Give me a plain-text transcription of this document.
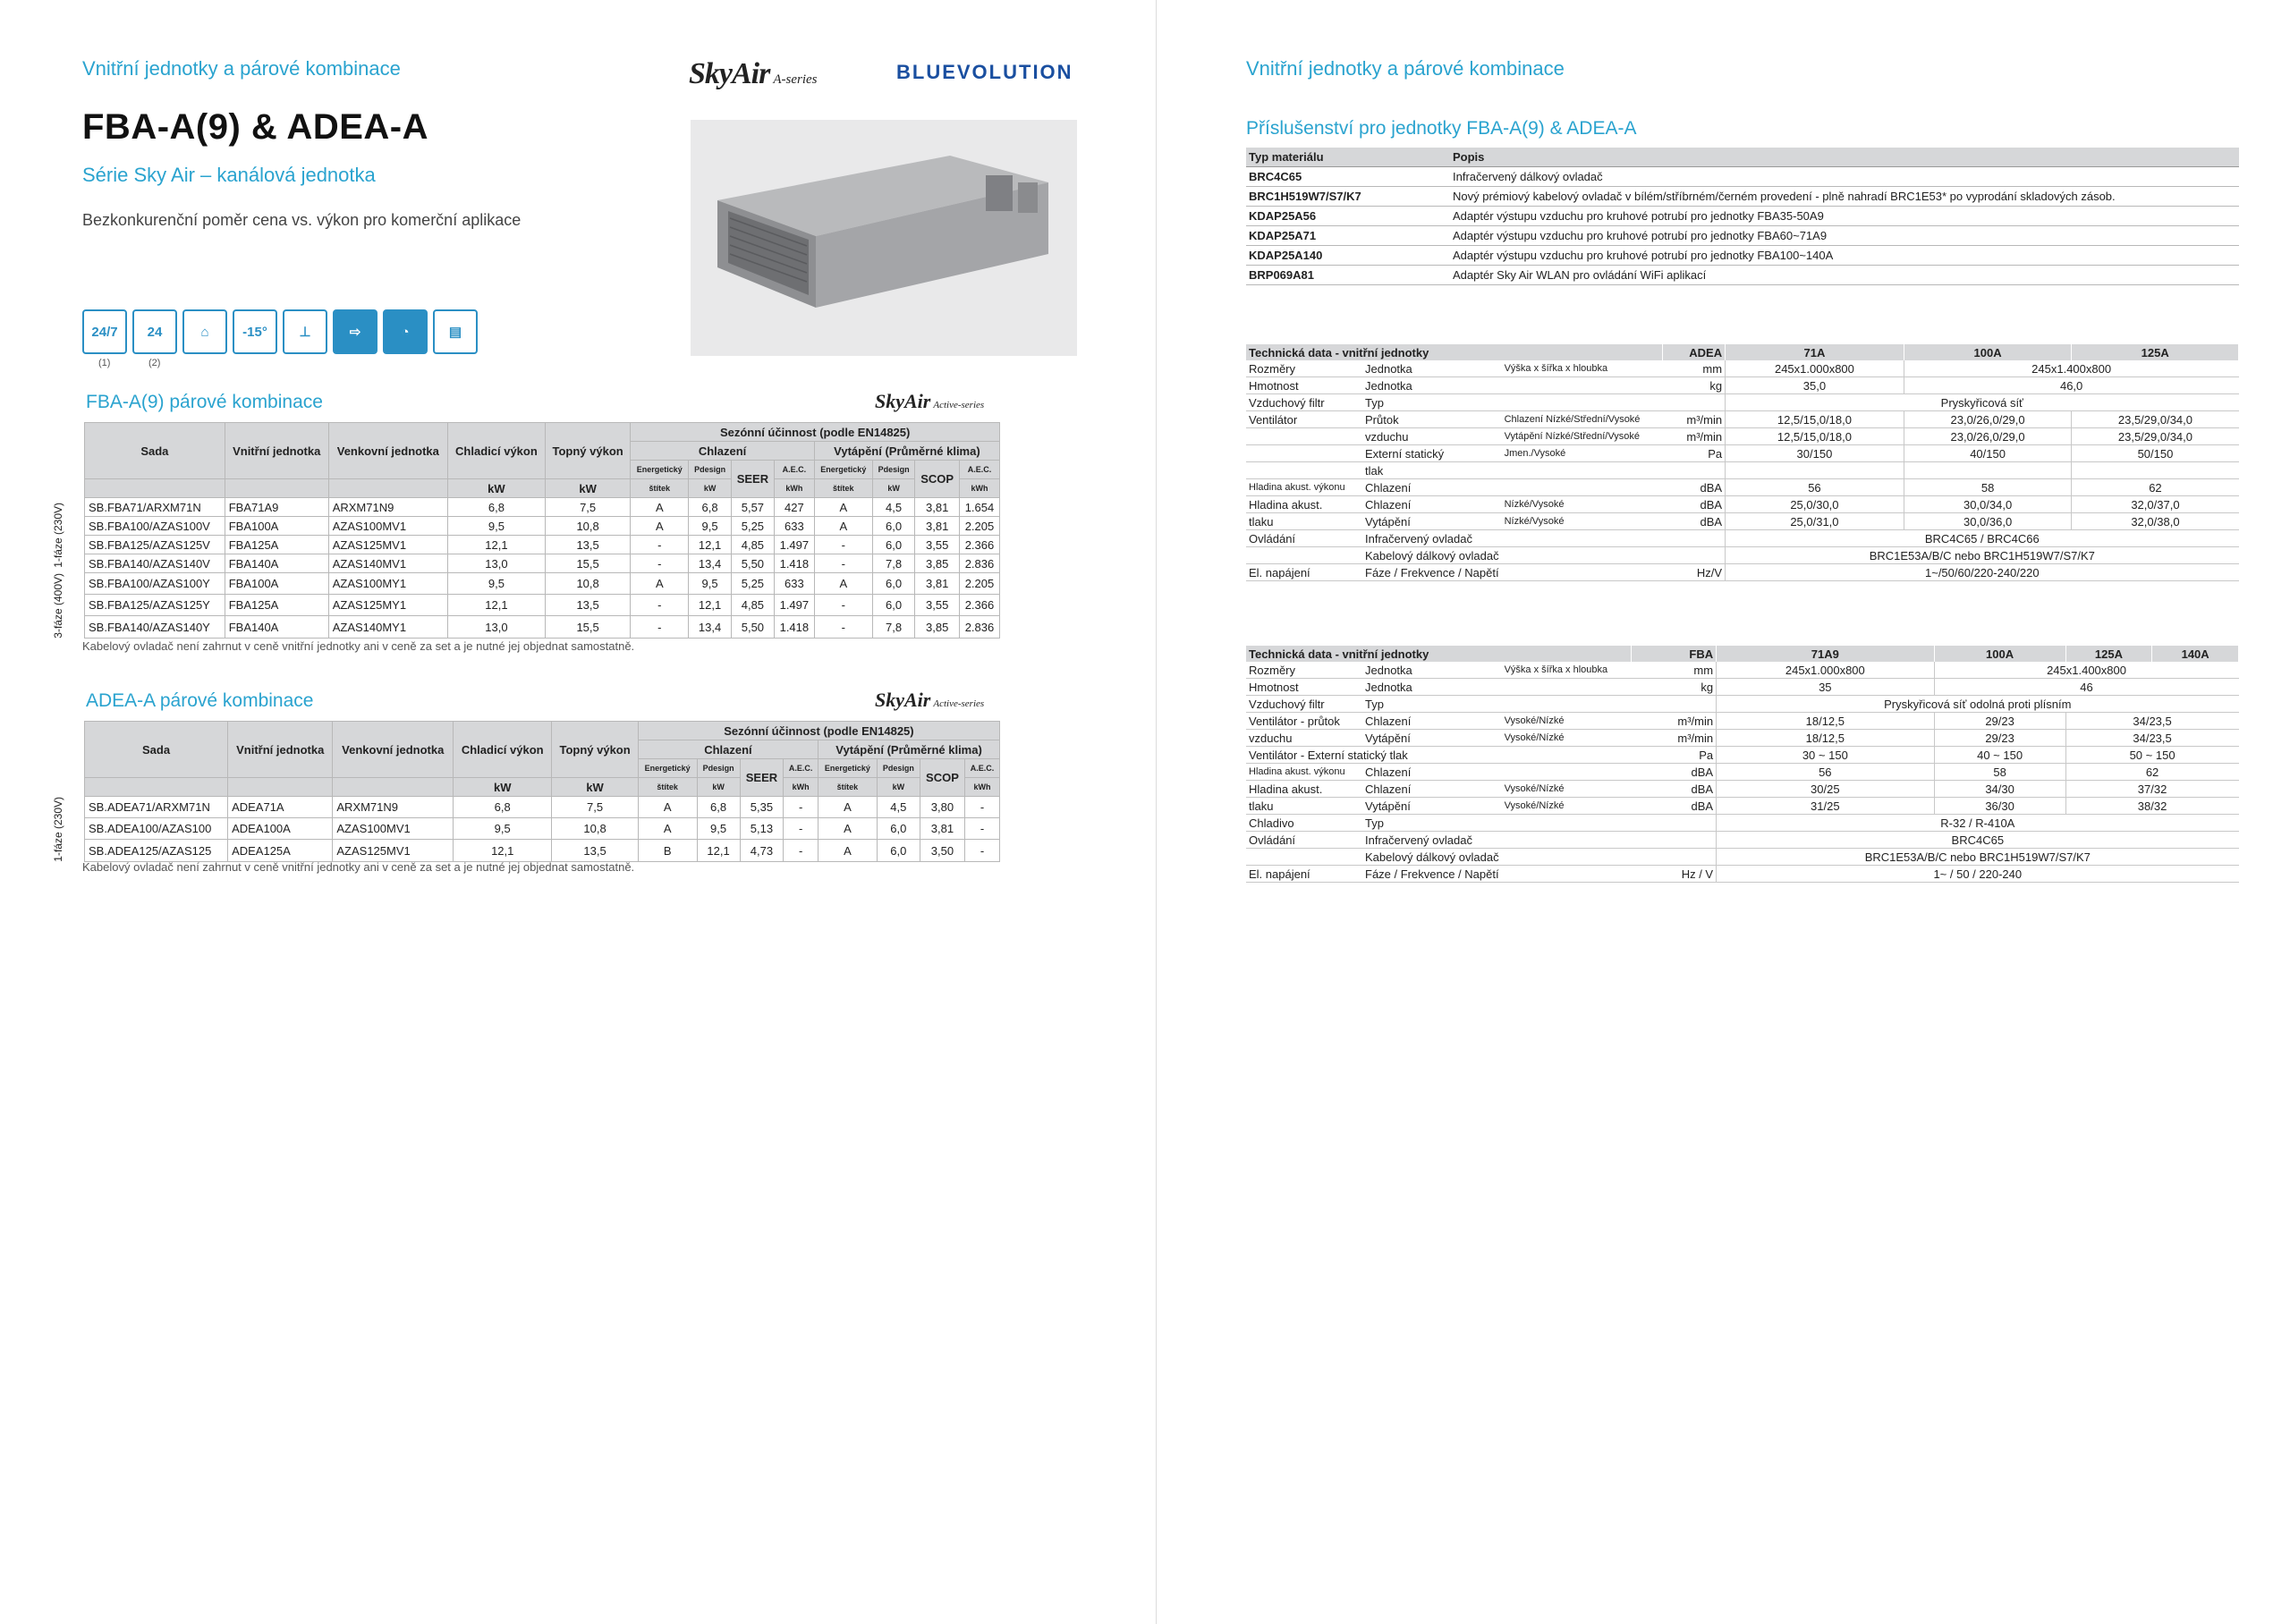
Vnitřní jednotky a párové kombinace	SkyAir A-series	BLUEVOLUTION
FBA-A(9) & ADEA-A
Série Sky Air – kanálová jednotka
Bezkonkurenční poměr cena vs. výkon pro komerční aplikace
24/7	24	⌂	-15°	⊥	⇨	◔	▤
(1)	(2)
FBA-A(9) párové kombinace	SkyAir Active-series
	Sada	Vnitřní jednotka	Venkovní jednotka	Chladicí výkon	Topný výkon	Sezónní účinnost (podle EN14825)							
						Chlazení				Vytápění (Průměrné klima)			
						Energetický	Pdesign	SEER	A.E.C.	Energetický	Pdesign	SCOP	A.E.C.
				kW	kW	štítek	kW		kWh	štítek	kW		kWh

1-fáze (230V)	SB.FBA71/ARXM71N	FBA71A9	ARXM71N9	6,8	7,5	A	6,8	5,57	427	A	4,5	3,81	1.654
	SB.FBA100/AZAS100V	FBA100A	AZAS100MV1	9,5	10,8	A	9,5	5,25	633	A	6,0	3,81	2.205
	SB.FBA125/AZAS125V	FBA125A	AZAS125MV1	12,1	13,5	-	12,1	4,85	1.497	-	6,0	3,55	2.366
	SB.FBA140/AZAS140V	FBA140A	AZAS140MV1	13,0	15,5	-	13,4	5,50	1.418	-	7,8	3,85	2.836

3-fáze (400V)	SB.FBA100/AZAS100Y	FBA100A	AZAS100MY1	9,5	10,8	A	9,5	5,25	633	A	6,0	3,81	2.205
	SB.FBA125/AZAS125Y	FBA125A	AZAS125MY1	12,1	13,5	-	12,1	4,85	1.497	-	6,0	3,55	2.366
	SB.FBA140/AZAS140Y	FBA140A	AZAS140MY1	13,0	15,5	-	13,4	5,50	1.418	-	7,8	3,85	2.836
Kabelový ovladač není zahrnut v ceně vnitřní jednotky ani v ceně za set a je nutné jej objednat samostatně.
ADEA-A párové kombinace	SkyAir Active-series
	Sada	Vnitřní jednotka	Venkovní jednotka	Chladicí výkon	Topný výkon	Sezónní účinnost (podle EN14825)							
						Chlazení				Vytápění (Průměrné klima)			
						Energetický	Pdesign	SEER	A.E.C.	Energetický	Pdesign	SCOP	A.E.C.
				kW	kW	štítek	kW		kWh	štítek	kW		kWh

1-fáze (230V)	SB.ADEA71/ARXM71N	ADEA71A	ARXM71N9	6,8	7,5	A	6,8	5,35	-	A	4,5	3,80	-
	SB.ADEA100/AZAS100	ADEA100A	AZAS100MV1	9,5	10,8	A	9,5	5,13	-	A	6,0	3,81	-
	SB.ADEA125/AZAS125	ADEA125A	AZAS125MV1	12,1	13,5	B	12,1	4,73	-	A	6,0	3,50	-
Kabelový ovladač není zahrnut v ceně vnitřní jednotky ani v ceně za set a je nutné jej objednat samostatně.
Vnitřní jednotky a párové kombinace
Příslušenství pro jednotky FBA-A(9) & ADEA-A
Typ materiálu	Popis
BRC4C65	Infračervený dálkový ovladač
BRC1H519W7/S7/K7	Nový prémiový kabelový ovladač v bílém/stříbrném/černém provedení - plně nahradí BRC1E53* po vyprodání skladových zásob.
KDAP25A56	Adaptér výstupu vzduchu pro kruhové potrubí pro jednotky FBA35-50A9
KDAP25A71	Adaptér výstupu vzduchu pro kruhové potrubí pro jednotky FBA60~71A9
KDAP25A140	Adaptér výstupu vzduchu pro kruhové potrubí pro jednotky FBA100~140A
BRP069A81	Adaptér Sky Air WLAN pro ovládání WiFi aplikací
Technická data - vnitřní jednotky			ADEA	71A	100A	125A
Rozměry	Jednotka	Výška x šířka x hloubka	mm	245x1.000x800	245x1.400x800	
Hmotnost	Jednotka		kg	35,0	46,0	
Vzduchový filtr	Typ			Pryskyřicová síť		
Ventilátor	Průtok	Chlazení Nízké/Střední/Vysoké	m³/min	12,5/15,0/18,0	23,0/26,0/29,0	23,5/29,0/34,0
	vzduchu	Vytápění Nízké/Střední/Vysoké	m³/min	12,5/15,0/18,0	23,0/26,0/29,0	23,5/29,0/34,0
	Externí statický	Jmen./Vysoké	Pa	30/150	40/150	50/150
	tlak					
Hladina akust. výkonu	Chlazení		dBA	56	58	62
Hladina akust.	Chlazení	Nízké/Vysoké	dBA	25,0/30,0	30,0/34,0	32,0/37,0
tlaku	Vytápění	Nízké/Vysoké	dBA	25,0/31,0	30,0/36,0	32,0/38,0
Ovládání	Infračervený ovladač			BRC4C65 / BRC4C66		
	Kabelový dálkový ovladač			BRC1E53A/B/C nebo BRC1H519W7/S7/K7		
El. napájení	Fáze / Frekvence / Napětí		Hz/V	1~/50/60/220-240/220		
Technická data - vnitřní jednotky			FBA	71A9	100A	125A	140A
Rozměry	Jednotka	Výška x šířka x hloubka	mm	245x1.000x800	245x1.400x800		
Hmotnost	Jednotka		kg	35	46		
Vzduchový filtr	Typ			Pryskyřicová síť odolná proti plísním			
Ventilátor - průtok	Chlazení	Vysoké/Nízké	m³/min	18/12,5	29/23	34/23,5	
vzduchu	Vytápění	Vysoké/Nízké	m³/min	18/12,5	29/23	34/23,5	
Ventilátor - Externí statický tlak			Pa	30 ~ 150	40 ~ 150	50 ~ 150	
Hladina akust. výkonu	Chlazení		dBA	56	58	62	
Hladina akust.	Chlazení	Vysoké/Nízké	dBA	30/25	34/30	37/32	
tlaku	Vytápění	Vysoké/Nízké	dBA	31/25	36/30	38/32	
Chladivo	Typ			R-32 / R-410A			
Ovládání	Infračervený ovladač			BRC4C65			
	Kabelový dálkový ovladač			BRC1E53A/B/C nebo BRC1H519W7/S7/K7			
El. napájení	Fáze / Frekvence / Napětí		Hz / V	1~ / 50 / 220-240			
